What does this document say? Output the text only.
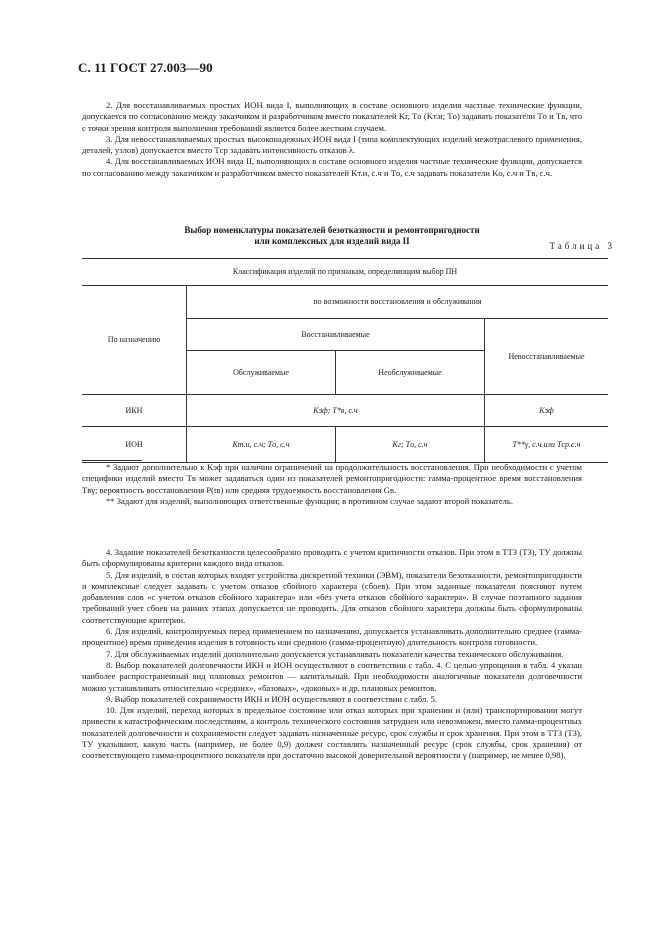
С. 11 ГОСТ 27.003—90

2. Для восстанавливаемых простых ИОН вида I, выполняющих в составе основного изделия частные технические функции, допускается по согласованию между заказчиком и разработчиком вместо показателей Kг, Tо (Kт.и; Tо) задавать показатели Tо и Tв, что с точки зрения контроля выполнения требований является более жестким случаем.

3. Для невосстанавливаемых простых высоконадежных ИОН вида I (типа комплектующих изделий межотраслевого применения, деталей, узлов) допускается вместо Tср задавать интенсивность отказов λ.

4. Для восстанавливаемых ИОН вида II, выполняющих в составе основного изделия частные технические функции, допускается по согласованию между заказчиком и разработчиком вместо показателей Kт.и, с.ч и Tо, с.ч задавать показатели Kо, с.ч и Tв, с.ч.

Таблица 3
Выбор номенклатуры показателей безотказности и ремонтопригодности
или комплексных для изделий вида II
Классификация изделий по признакам, определяющим выбор ПН			
По назначению	по возможности восстановления и обслуживания		
	Восстанавливаемые		Невосстанавливаемые
	Обслуживаемые	Необслуживаемые	
ИКН	Kэф; T*в, с.ч		Kэф
ИОН	Kт.и, с.ч; Tо, с.ч	Kг; Tо, с.ч	T**γ, с.ч или Tср.с.ч

* Задают дополнительно к Kэф при наличии ограничений на продолжительность восстановления. При необходимости с учетом специфики изделий вместо Tв может задаваться один из показателей ремонтопригодности: гамма-процентное время восстановления Tвγ; вероятность восстановления P(tв) или средняя трудоемкость восстановления Gв.

** Задают для изделий, выполняющих ответственные функции; в противном случае задают второй показатель.

4. Задание показателей безотказности целесообразно проводить с учетом критичности отказов. При этом в ТТЗ (ТЗ), ТУ должны быть сформулированы критерии каждого вида отказов.

5. Для изделий, в состав которых входят устройства дискретной техники (ЭВМ), показатели безотказности, ремонтопригодности и комплексные следует задавать с учетом отказов сбойного характера (сбоев). При этом заданные показатели поясняют путем добавления слов «с учетом отказов сбойного характера» или «без учета отказов сбойного характера». В случае поэтапного задания требований учет сбоев на ранних этапах допускается не проводить. Для отказов сбойного характера должны быть сформулированы соответствующие критерии.

6. Для изделий, контролируемых перед применением по назначению, допускается устанавливать дополнительно среднее (гамма-процентное) время приведения изделия в готовность или среднюю (гамма-процентную) длительность контроля готовности.

7. Для обслуживаемых изделий дополнительно допускается устанавливать показатели качества технического обслуживания.

8. Выбор показателей долговечности ИКН и ИОН осуществляют в соответствии с табл. 4. С целью упрощения в табл. 4 указан наиболее распространенный вид плановых ремонтов — капитальный. При необходимости аналогичные показатели долговечности можно устанавливать относительно «средних», «базовых», «доковых» и др. плановых ремонтов.

9. Выбор показателей сохраняемости ИКН и ИОН осуществляют в соответствии с табл. 5.

10. Для изделий, переход которых в предельное состояние или отказ которых при хранении и (или) транспортировании могут привести к катастрофическим последствиям, а контроль технического состояния затруднен или невозможен, вместо гамма-процентных показателей долговечности и сохраняемости следует задавать назначенные ресурс, срок службы и срок хранения. При этом в ТТЗ (ТЗ), ТУ указывают, какую часть (например, не более 0,9) должен составлять назначенный ресурс (срок службы, срок хранения) от соответствующего гамма-процентного показателя при достаточно высокой доверительной вероятности γ (например, не менее 0,98).
